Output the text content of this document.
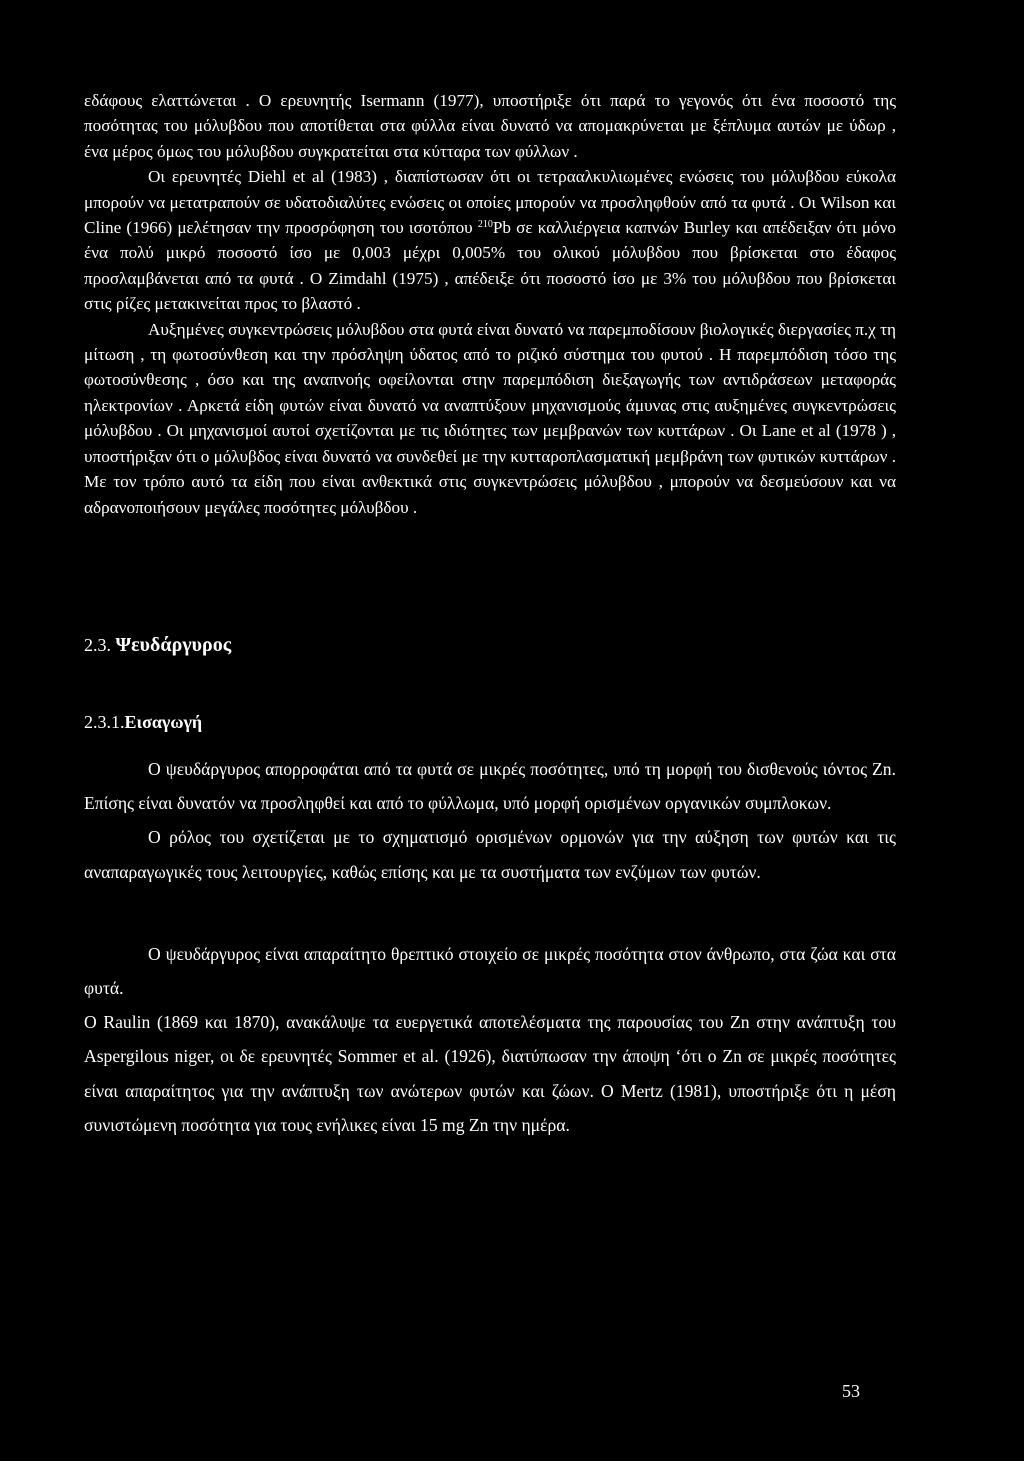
εδάφους ελαττώνεται . Ο ερευνητής Isermann (1977), υποστήριξε ότι παρά το γεγονός ότι ένα ποσοστό της ποσότητας του μόλυβδου που αποτίθεται στα φύλλα είναι δυνατό να απομακρύνεται με ξέπλυμα αυτών με ύδωρ , ένα μέρος όμως του μόλυβδου συγκρατείται στα κύτταρα των φύλλων .

Οι ερευνητές Diehl et al (1983) , διαπίστωσαν ότι οι τετρααλκυλιωμένες ενώσεις του μόλυβδου εύκολα μπορούν να μετατραπούν σε υδατοδιαλύτες ενώσεις οι οποίες μπορούν να προσληφθούν από τα φυτά . Οι Wilson και Cline (1966) μελέτησαν την προσρόφηση του ισοτόπου $^{210}$Pb σε καλλιέργεια καπνών Burley και απέδειξαν ότι μόνο ένα πολύ μικρό ποσοστό ίσο με 0,003 μέχρι 0,005% του ολικού μόλυβδου που βρίσκεται στο έδαφος προσλαμβάνεται από τα φυτά . Ο Zimdahl (1975) , απέδειξε ότι ποσοστό ίσο με 3% του μόλυβδου που βρίσκεται στις ρίζες μετακινείται προς το βλαστό .

Αυξημένες συγκεντρώσεις μόλυβδου στα φυτά είναι δυνατό να παρεμποδίσουν βιολογικές διεργασίες π.χ τη μίτωση , τη φωτοσύνθεση και την πρόσληψη ύδατος από το ριζικό σύστημα του φυτού . Η παρεμπόδιση τόσο της φωτοσύνθεσης , όσο και της αναπνοής οφείλονται στην παρεμπόδιση διεξαγωγής των αντιδράσεων μεταφοράς ηλεκτρονίων . Αρκετά είδη φυτών είναι δυνατό να αναπτύξουν μηχανισμούς άμυνας στις αυξημένες συγκεντρώσεις μόλυβδου . Οι μηχανισμοί αυτοί σχετίζονται με τις ιδιότητες των μεμβρανών των κυττάρων . Οι Lane et al (1978 ) , υποστήριξαν ότι ο μόλυβδος είναι δυνατό να συνδεθεί με την κυτταροπλασματική μεμβράνη των φυτικών κυττάρων . Με τον τρόπο αυτό τα είδη που είναι ανθεκτικά στις συγκεντρώσεις μόλυβδου , μπορούν να δεσμεύσουν και να αδρανοποιήσουν μεγάλες ποσότητες μόλυβδου .

2.3. Ψευδάργυρος
2.3.1.Εισαγωγή

Ο ψευδάργυρος απορροφάται από τα φυτά σε μικρές ποσότητες, υπό τη μορφή του δισθενούς ιόντος Zn. Επίσης είναι δυνατόν να προσληφθεί και από το φύλλωμα, υπό μορφή ορισμένων οργανικών συμπλοκων.

Ο ρόλος του σχετίζεται με το σχηματισμό ορισμένων ορμονών για την αύξηση των φυτών και τις αναπαραγωγικές τους λειτουργίες, καθώς επίσης και με τα συστήματα των ενζύμων των φυτών.

Ο ψευδάργυρος είναι απαραίτητο θρεπτικό στοιχείο σε μικρές ποσότητα στον άνθρωπο, στα ζώα και στα φυτά.

Ο Raulin (1869 και 1870), ανακάλυψε τα ευεργετικά αποτελέσματα της παρουσίας του Zn στην ανάπτυξη του Aspergilous niger, οι δε ερευνητές Sommer et al. (1926), διατύπωσαν την άποψη ‘ότι ο Zn σε μικρές ποσότητες είναι απαραίτητος για την ανάπτυξη των ανώτερων φυτών και ζώων. Ο Mertz (1981), υποστήριξε ότι η μέση συνιστώμενη ποσότητα για τους ενήλικες είναι 15 mg Zn την ημέρα.

53
